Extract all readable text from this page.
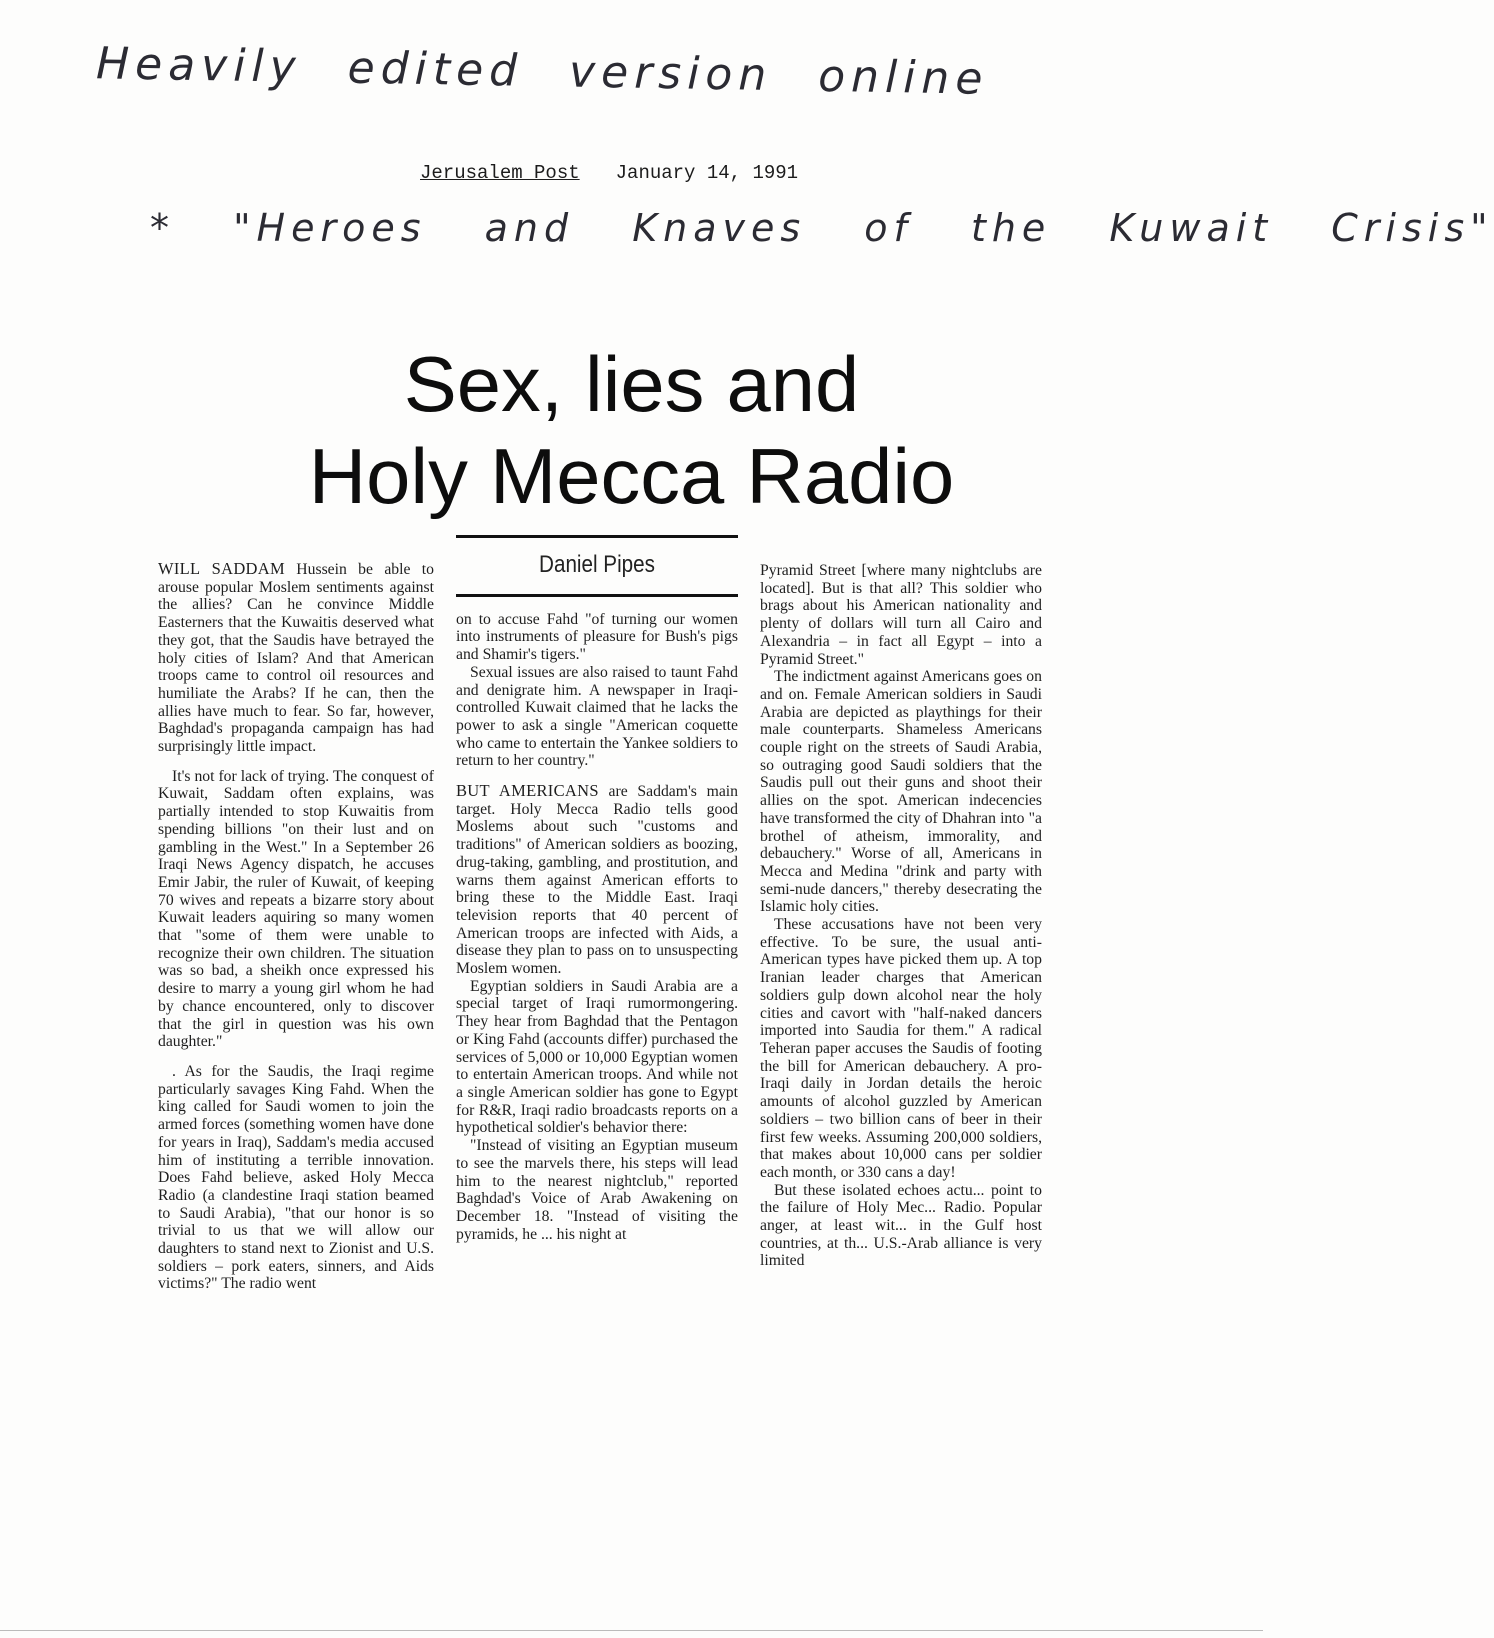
Heavily edited version online
Jerusalem Post January 14, 1991
* "Heroes and Knaves of the Kuwait Crisis"
Sex, lies and
Holy Mecca Radio

WILL SADDAM Hussein be able to arouse popular Moslem sentiments against the allies? Can he convince Middle Easterners that the Kuwaitis deserved what they got, that the Saudis have betrayed the holy cities of Islam? And that American troops came to control oil resources and humiliate the Arabs? If he can, then the allies have much to fear. So far, however, Baghdad's propaganda campaign has had surprisingly little impact.

It's not for lack of trying. The conquest of Kuwait, Saddam often explains, was partially intended to stop Kuwaitis from spending billions "on their lust and on gambling in the West." In a September 26 Iraqi News Agency dispatch, he accuses Emir Jabir, the ruler of Kuwait, of keeping 70 wives and repeats a bizarre story about Kuwait leaders aquiring so many women that "some of them were unable to recognize their own children. The situation was so bad, a sheikh once expressed his desire to marry a young girl whom he had by chance encountered, only to discover that the girl in question was his own daughter."

. As for the Saudis, the Iraqi regime particularly savages King Fahd. When the king called for Saudi women to join the armed forces (something women have done for years in Iraq), Saddam's media accused him of instituting a terrible innovation. Does Fahd believe, asked Holy Mecca Radio (a clandestine Iraqi station beamed to Saudi Arabia), "that our honor is so trivial to us that we will allow our daughters to stand next to Zionist and U.S. soldiers – pork eaters, sinners, and Aids victims?" The radio went

Daniel Pipes

on to accuse Fahd "of turning our women into instruments of pleasure for Bush's pigs and Shamir's tigers."

Sexual issues are also raised to taunt Fahd and denigrate him. A newspaper in Iraqi-controlled Kuwait claimed that he lacks the power to ask a single "American coquette who came to entertain the Yankee soldiers to return to her country."

BUT AMERICANS are Saddam's main target. Holy Mecca Radio tells good Moslems about such "customs and traditions" of American soldiers as boozing, drug-taking, gambling, and prostitution, and warns them against American efforts to bring these to the Middle East. Iraqi television reports that 40 percent of American troops are infected with Aids, a disease they plan to pass on to unsuspecting Moslem women.

Egyptian soldiers in Saudi Arabia are a special target of Iraqi rumormongering. They hear from Baghdad that the Pentagon or King Fahd (accounts differ) purchased the services of 5,000 or 10,000 Egyptian women to entertain American troops. And while not a single American soldier has gone to Egypt for R&R, Iraqi radio broadcasts reports on a hypothetical soldier's behavior there:

"Instead of visiting an Egyptian museum to see the marvels there, his steps will lead him to the nearest nightclub," reported Baghdad's Voice of Arab Awakening on December 18. "Instead of visiting the pyramids, he ... his night at

Pyramid Street [where many nightclubs are located]. But is that all? This soldier who brags about his American nationality and plenty of dollars will turn all Cairo and Alexandria – in fact all Egypt – into a Pyramid Street."

The indictment against Americans goes on and on. Female American soldiers in Saudi Arabia are depicted as playthings for their male counterparts. Shameless Americans couple right on the streets of Saudi Arabia, so outraging good Saudi soldiers that the Saudis pull out their guns and shoot their allies on the spot. American indecencies have transformed the city of Dhahran into "a brothel of atheism, immorality, and debauchery." Worse of all, Americans in Mecca and Medina "drink and party with semi-nude dancers," thereby desecrating the Islamic holy cities.

These accusations have not been very effective. To be sure, the usual anti-American types have picked them up. A top Iranian leader charges that American soldiers gulp down alcohol near the holy cities and cavort with "half-naked dancers imported into Saudia for them." A radical Teheran paper accuses the Saudis of footing the bill for American debauchery. A pro-Iraqi daily in Jordan details the heroic amounts of alcohol guzzled by American soldiers – two billion cans of beer in their first few weeks. Assuming 200,000 soldiers, that makes about 10,000 cans per soldier each month, or 330 cans a day!

But these isolated echoes actu... point to the failure of Holy Mec... Radio. Popular anger, at least wit... in the Gulf host countries, at th... U.S.-Arab alliance is very limited
